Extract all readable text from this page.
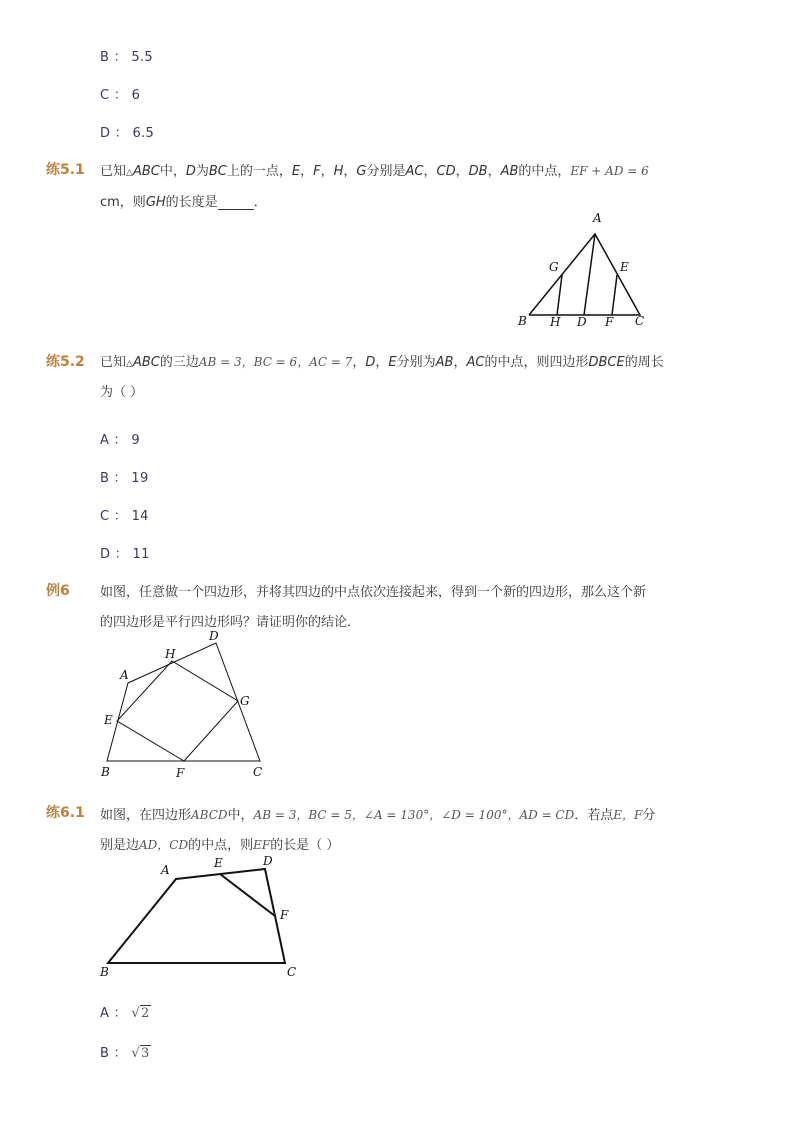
B ： 5.5
C ： 6
D ： 6.5
练5.1 已知△ABC中，D为BC上的一点，E，F，H，G分别是AC，CD，DB，AB的中点，EF + AD = 6
cm，则GH的长度是	．
A
B	C
D
E
F
G
H
练5.2 已知△ABC的三边AB = 3，BC = 6，AC = 7，D，E分别为AB，AC的中点，则四边形DBCE的周长
为（ ）
A ： 9
B ： 19
C ： 14
D ： 11
例6 如图，任意做一个四边形，并将其四边的中点依次连接起来，得到一个新的四边形，那么这个新
的四边形是平行四边形吗？请证明你的结论．
A
B	C
D
E
F
G
H
练6.1 如图，在四边形ABCD中，AB = 3，BC = 5，∠A = 130°，∠D = 100°，AD = CD．若点E，F分
别是边AD，CD的中点，则EF的长是（ ）
A
B	C
D
E
F
A ： √2
B ： √3
